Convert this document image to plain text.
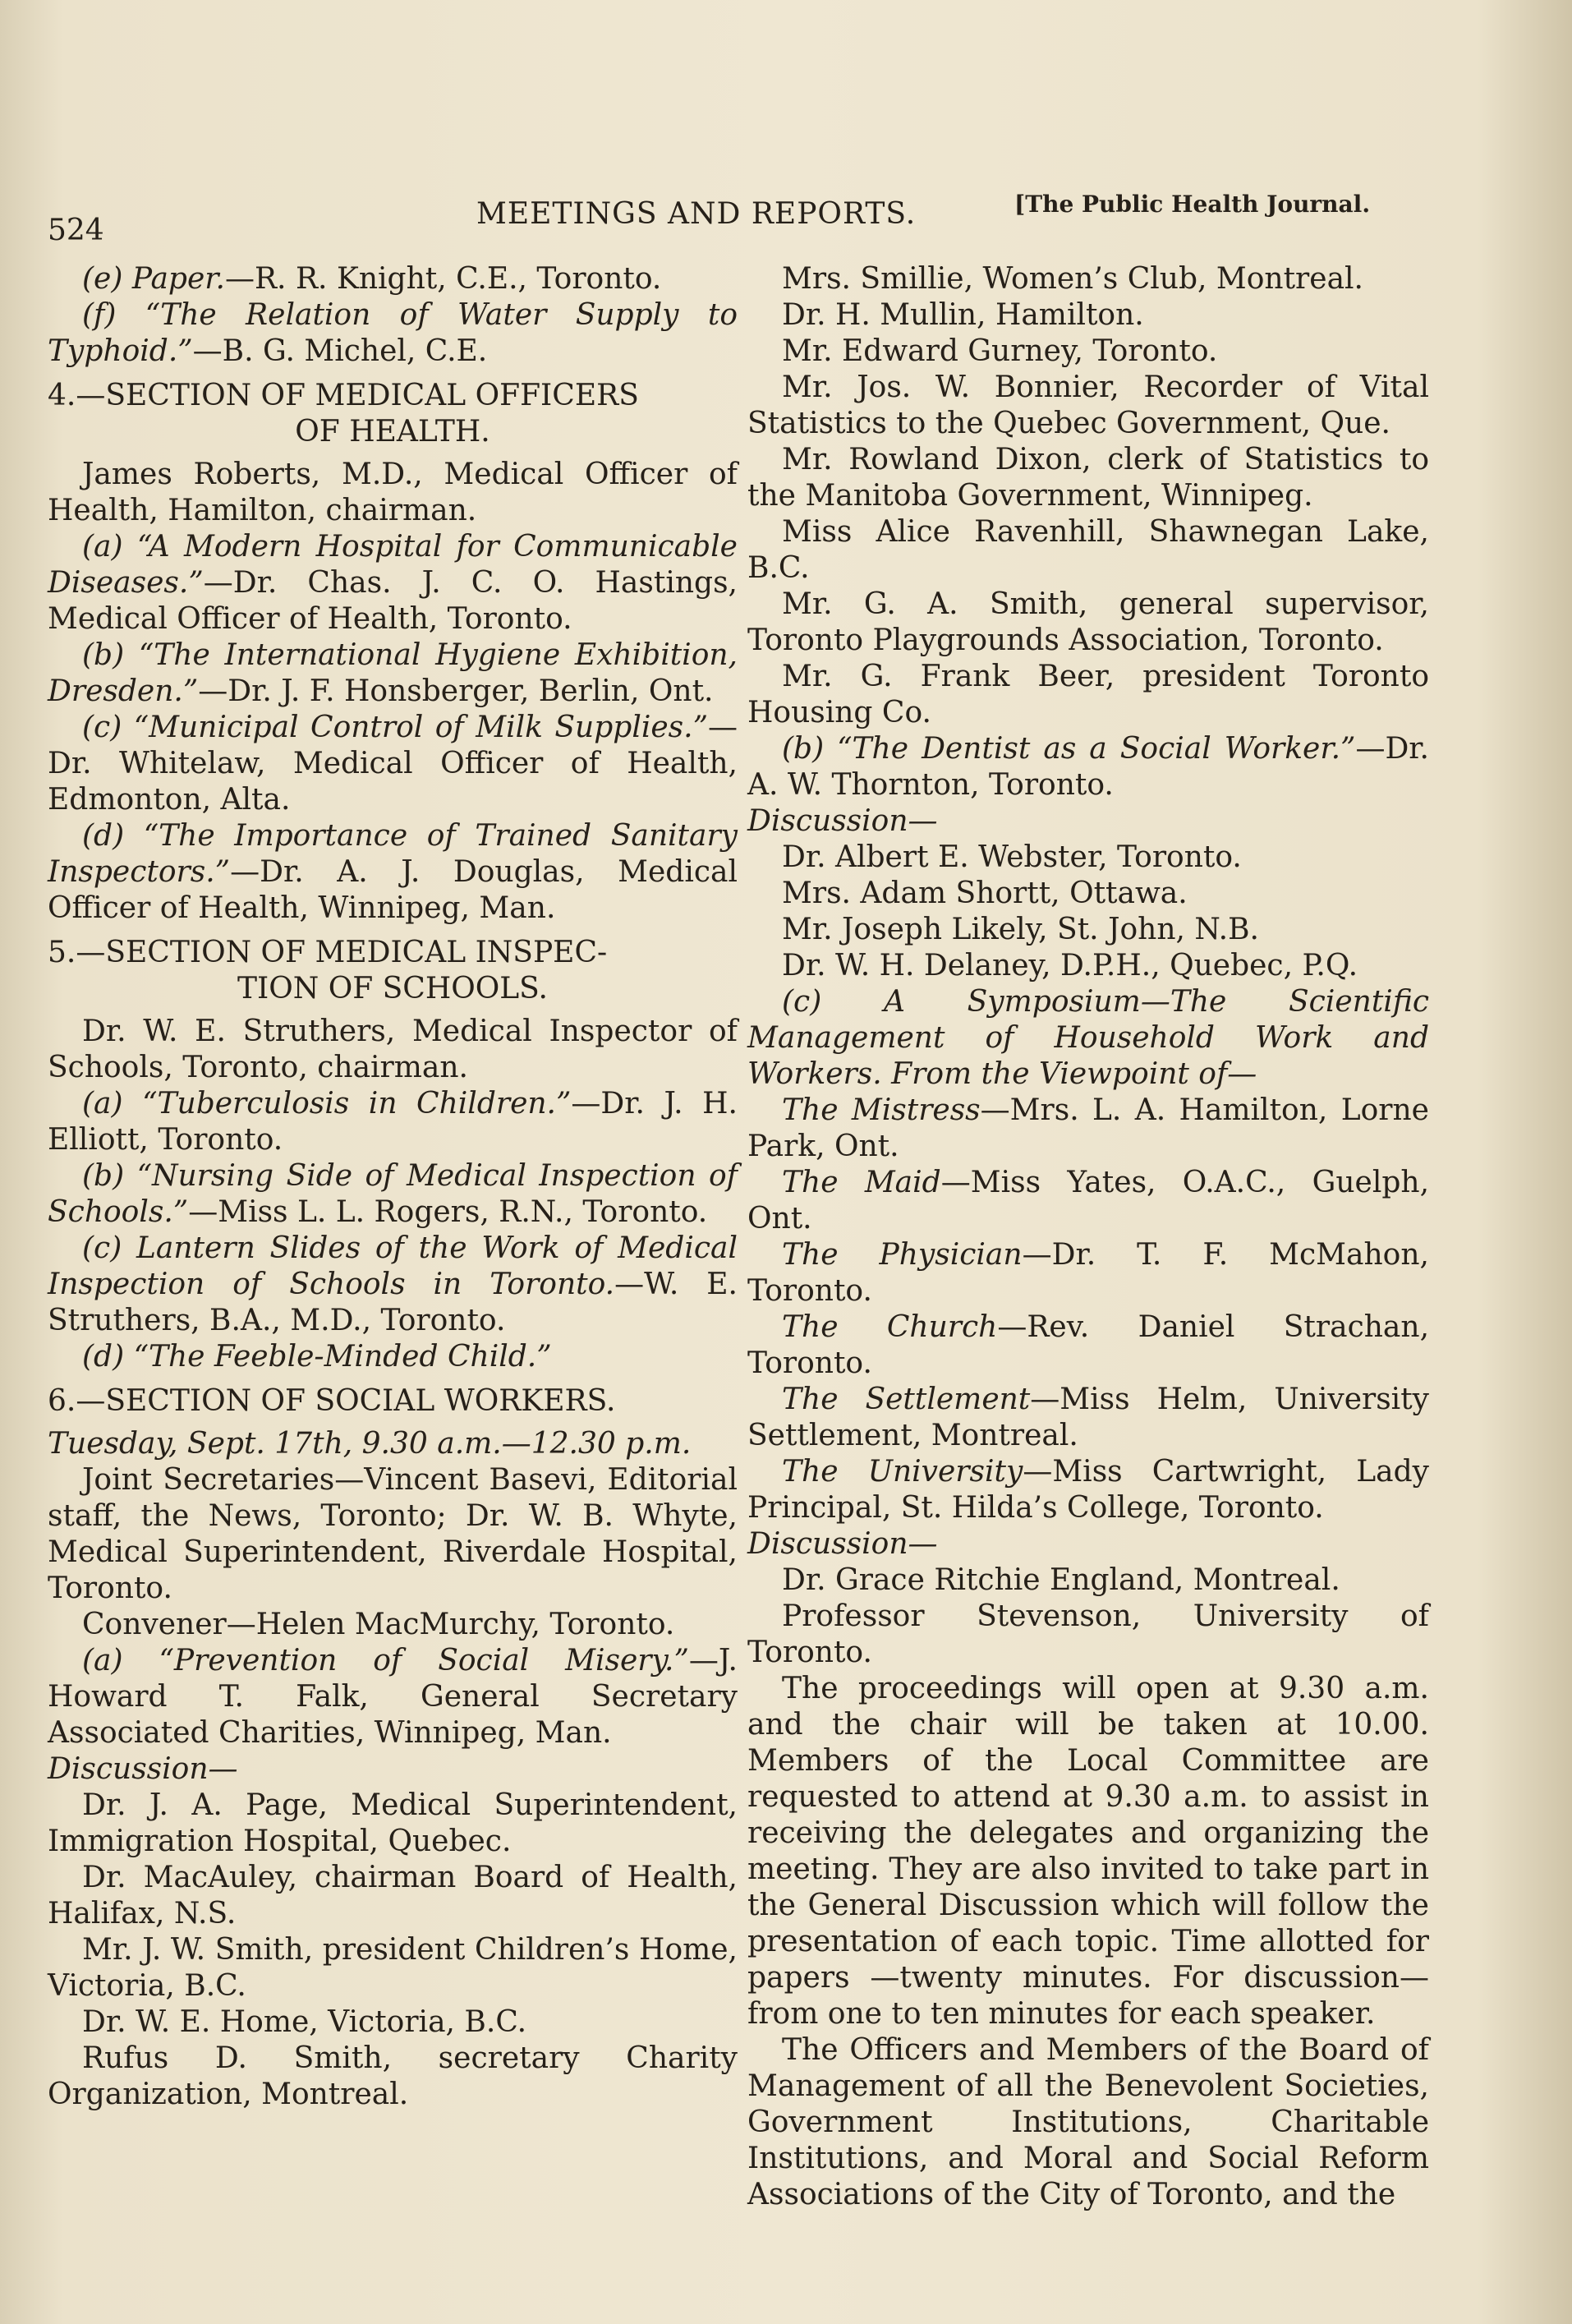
524	MEETINGS AND REPORTS.	[The Public Health Journal.

(e) Paper.—R. R. Knight, C.E., Toronto.

(f) “The Relation of Water Supply to Typhoid.”—B. G. Michel, C.E.

4.—SECTION OF MEDICAL OFFICERS
OF HEALTH.

James Roberts, M.D., Medical Officer of Health, Hamilton, chairman.

(a) “A Modern Hospital for Communicable Diseases.”—Dr. Chas. J. C. O. Hastings, Medical Officer of Health, Toronto.

(b) “The International Hygiene Exhibition, Dresden.”—Dr. J. F. Honsberger, Berlin, Ont.

(c) “Municipal Control of Milk Supplies.”—Dr. Whitelaw, Medical Officer of Health, Edmonton, Alta.

(d) “The Importance of Trained Sanitary Inspectors.”—Dr. A. J. Douglas, Medical Officer of Health, Winnipeg, Man.

5.—SECTION OF MEDICAL INSPEC-
TION OF SCHOOLS.

Dr. W. E. Struthers, Medical Inspector of Schools, Toronto, chairman.

(a) “Tuberculosis in Children.”—Dr. J. H. Elliott, Toronto.

(b) “Nursing Side of Medical Inspection of Schools.”—Miss L. L. Rogers, R.N., Toronto.

(c) Lantern Slides of the Work of Medical Inspection of Schools in Toronto.—W. E. Struthers, B.A., M.D., Toronto.

(d) “The Feeble-Minded Child.”

6.—SECTION OF SOCIAL WORKERS.

Tuesday, Sept. 17th, 9.30 a.m.—12.30 p.m.

Joint Secretaries—Vincent Basevi, Editorial staff, the News, Toronto; Dr. W. B. Whyte, Medical Superintendent, Riverdale Hospital, Toronto.

Convener—Helen MacMurchy, Toronto.

(a) “Prevention of Social Misery.”—J. Howard T. Falk, General Secretary Associated Charities, Winnipeg, Man.

Discussion—

Dr. J. A. Page, Medical Superintendent, Immigration Hospital, Quebec.

Dr. MacAuley, chairman Board of Health, Halifax, N.S.

Mr. J. W. Smith, president Children’s Home, Victoria, B.C.

Dr. W. E. Home, Victoria, B.C.

Rufus D. Smith, secretary Charity Organization, Montreal.

Mrs. Smillie, Women’s Club, Montreal.

Dr. H. Mullin, Hamilton.

Mr. Edward Gurney, Toronto.

Mr. Jos. W. Bonnier, Recorder of Vital Statistics to the Quebec Government, Que.

Mr. Rowland Dixon, clerk of Statistics to the Manitoba Government, Winnipeg.

Miss Alice Ravenhill, Shawnegan Lake, B.C.

Mr. G. A. Smith, general supervisor, Toronto Playgrounds Association, Toronto.

Mr. G. Frank Beer, president Toronto Housing Co.

(b) “The Dentist as a Social Worker.”—Dr. A. W. Thornton, Toronto.

Discussion—

Dr. Albert E. Webster, Toronto.

Mrs. Adam Shortt, Ottawa.

Mr. Joseph Likely, St. John, N.B.

Dr. W. H. Delaney, D.P.H., Quebec, P.Q.

(c) A Symposium—The Scientific Management of Household Work and Workers. From the Viewpoint of—

The Mistress—Mrs. L. A. Hamilton, Lorne Park, Ont.

The Maid—Miss Yates, O.A.C., Guelph, Ont.

The Physician—Dr. T. F. McMahon, Toronto.

The Church—Rev. Daniel Strachan, Toronto.

The Settlement—Miss Helm, University Settlement, Montreal.

The University—Miss Cartwright, Lady Principal, St. Hilda’s College, Toronto.

Discussion—

Dr. Grace Ritchie England, Montreal.

Professor Stevenson, University of Toronto.

The proceedings will open at 9.30 a.m. and the chair will be taken at 10.00. Members of the Local Committee are requested to attend at 9.30 a.m. to assist in receiving the delegates and organizing the meeting. They are also invited to take part in the General Discussion which will follow the presentation of each topic. Time allotted for papers —twenty minutes. For discussion—from one to ten minutes for each speaker.

The Officers and Members of the Board of Management of all the Benevolent Societies, Government Institutions, Charitable Institutions, and Moral and Social Reform Associations of the City of Toronto, and the
